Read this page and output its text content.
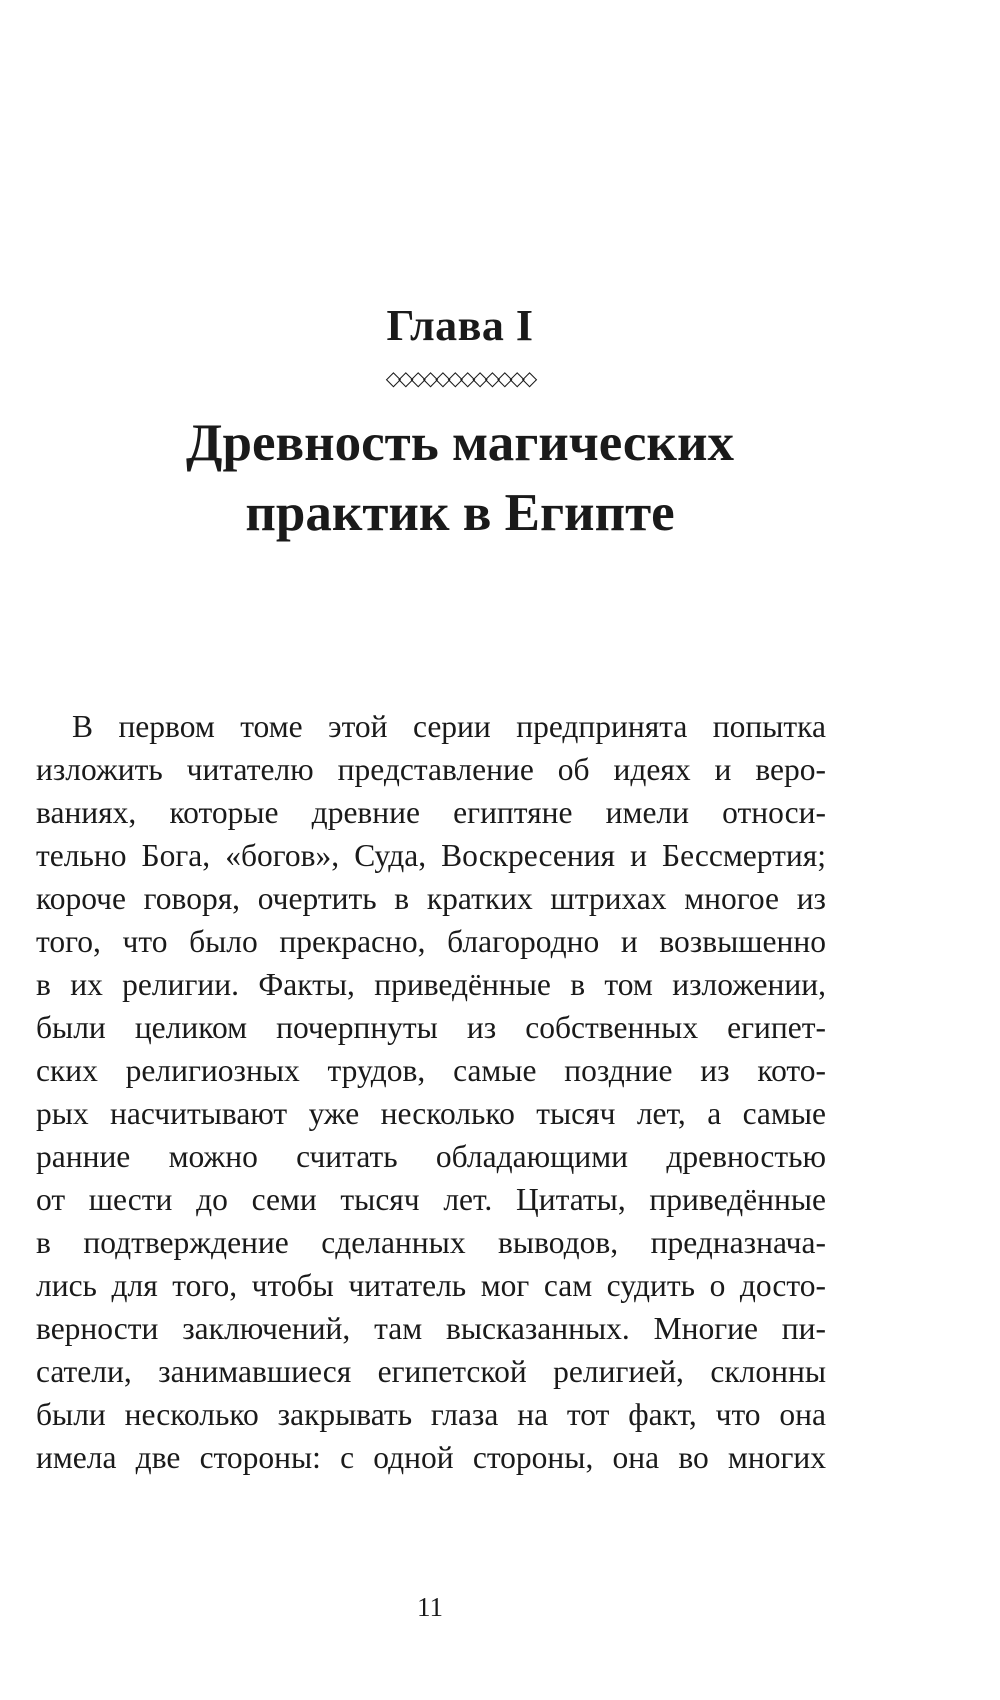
Глава I
◇◇◇◇◇◇◇◇◇◇◇◇
Древность магических
практик в Египте
В первом томе этой серии предпринята попытка
изложить читателю представление об идеях и веро-
ваниях, которые древние египтяне имели относи-
тельно Бога, «богов», Суда, Воскресения и Бессмертия;
короче говоря, очертить в кратких штрихах многое из
того, что было прекрасно, благородно и возвышенно
в их религии. Факты, приведённые в том изложении,
были целиком почерпнуты из собственных египет-
ских религиозных трудов, самые поздние из кото-
рых насчитывают уже несколько тысяч лет, а самые
ранние можно считать обладающими древностью
от шести до семи тысяч лет. Цитаты, приведённые
в подтверждение сделанных выводов, предназнача-
лись для того, чтобы читатель мог сам судить о досто-
верности заключений, там высказанных. Многие пи-
сатели, занимавшиеся египетской религией, склонны
были несколько закрывать глаза на тот факт, что она
имела две стороны: с одной стороны, она во многих
11
